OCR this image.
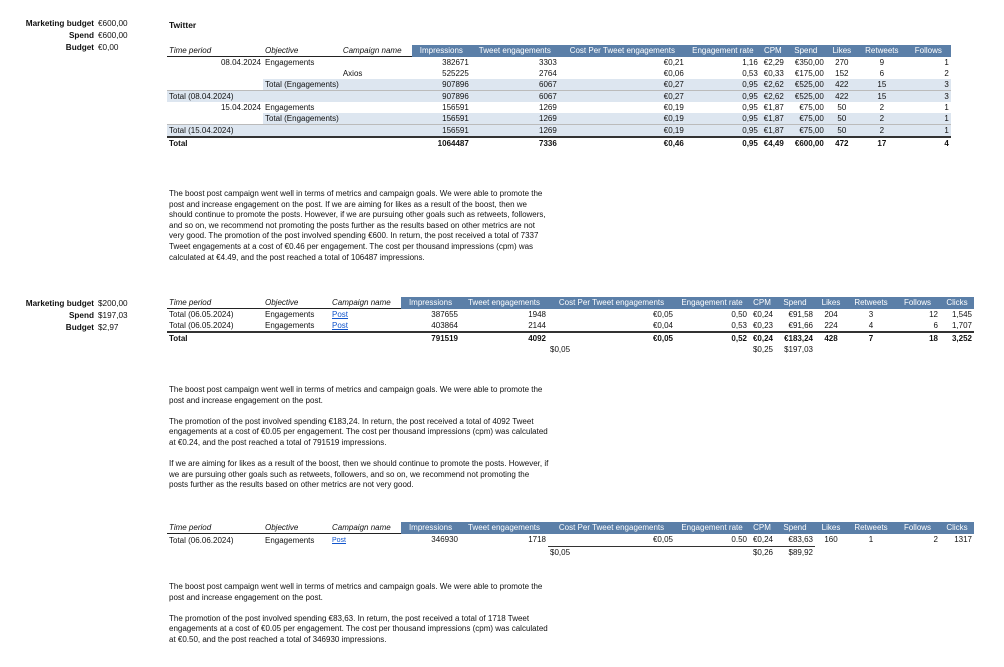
Marketing budget €600,00
Spend €600,00
Budget €0,00
Twitter
Time period	Objective	Campaign name	Impressions	Tweet engagements	Cost Per Tweet engagements	Engagement rate	CPM	Spend	Likes	Retweets	Follows
08.04.2024	Engagements		382671	3303	€0,21	1,16	€2,29	€350,00	270	9	1
		Axios	525225	2764	€0,06	0,53	€0,33	€175,00	152	6	2
	Total (Engagements)		907896	6067	€0,27	0,95	€2,62	€525,00	422	15	3
Total (08.04.2024)			907896	6067	€0,27	0,95	€2,62	€525,00	422	15	3
15.04.2024	Engagements		156591	1269	€0,19	0,95	€1,87	€75,00	50	2	1
	Total (Engagements)		156591	1269	€0,19	0,95	€1,87	€75,00	50	2	1
Total (15.04.2024)			156591	1269	€0,19	0,95	€1,87	€75,00	50	2	1
Total			1064487	7336	€0,46	0,95	€4,49	€600,00	472	17	4

The boost post campaign went well in terms of metrics and campaign goals. We were able to promote the post and increase engagement on the post. If we are aiming for likes as a result of the boost, then we should continue to promote the posts. However, if we are pursuing other goals such as retweets, followers, and so on, we recommend not promoting the posts further as the results based on other metrics are not very good. The promotion of the post involved spending €600. In return, the post received a total of 7337 Tweet engagements at a cost of €0.46 per engagement. The cost per thousand impressions (cpm) was calculated at €4.49, and the post reached a total of 106487 impressions.

Marketing budget $200,00
Spend $197,03
Budget $2,97
Time period	Objective	Campaign name	Impressions	Tweet engagements	Cost Per Tweet engagements	Engagement rate	CPM	Spend	Likes	Retweets	Follows	Clicks
Total (06.05.2024)	Engagements	Post	387655	1948	€0,05	0,50	€0,24	€91,58	204	3	12	1,545
Total (06.05.2024)	Engagements	Post	403864	2144	€0,04	0,53	€0,23	€91,66	224	4	6	1,707
Total			791519	4092	€0,05	0,52	€0,24	€183,24	428	7	18	3,252
					$0,05		$0,25	$197,03				

The boost post campaign went well in terms of metrics and campaign goals. We were able to promote the post and increase engagement on the post.

The promotion of the post involved spending €183,24. In return, the post received a total of 4092 Tweet engagements at a cost of €0.05 per engagement. The cost per thousand impressions (cpm) was calculated at €0.24, and the post reached a total of 791519 impressions.

If we are aiming for likes as a result of the boost, then we should continue to promote the posts. However, if we are pursuing other goals such as retweets, followers, and so on, we recommend not promoting the posts further as the results based on other metrics are not very good.

Time period	Objective	Campaign name	Impressions	Tweet engagements	Cost Per Tweet engagements	Engagement rate	CPM	Spend	Likes	Retweets	Follows	Clicks
Total (06.06.2024)	Engagements	Post	346930	1718	€0,05	0.50	€0,24	€83,63	160	1	2	1317
					$0,05		$0,26	$89,92				

The boost post campaign went well in terms of metrics and campaign goals. We were able to promote the post and increase engagement on the post.

The promotion of the post involved spending €83,63. In return, the post received a total of 1718 Tweet engagements at a cost of €0.05 per engagement. The cost per thousand impressions (cpm) was calculated at €0.50, and the post reached a total of 346930 impressions.
